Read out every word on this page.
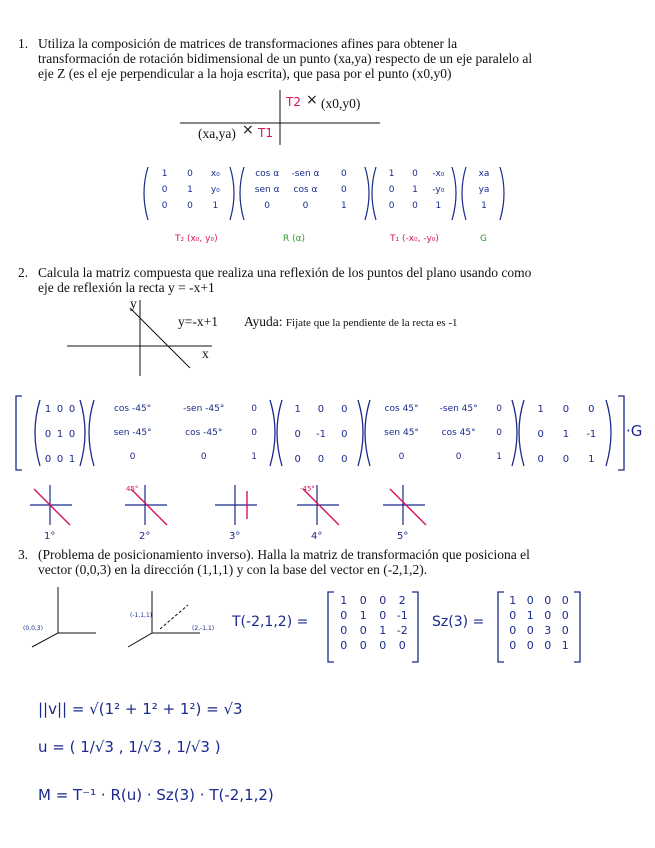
1. Utiliza la composición de matrices de transformaciones afines para obtener la
transformación de rotación bidimensional de un punto (xa,ya) respecto de un eje paralelo al
eje Z (es el eje perpendicular a la hoja escrita), que pasa por el punto (x0,y0)
T2 × (x0,y0)
(xa,ya) × T1
1	0	x₀
0	1	y₀
0	0	1
cos α	-sen α	0
sen α	cos α	0
0	0	1
1	0	-x₀
0	1	-y₀
0	0	1
xa
ya
1
T₂ (x₀, y₀)	R (α)	T₁ (-x₀, -y₀)	G
2. Calcula la matriz compuesta que realiza una reflexión de los puntos del plano usando como
eje de reflexión la recta y = -x+1
y
x
y=-x+1 Ayuda: Fijate que la pendiente de la recta es -1
1 0 0
0 1 0
0 0 1
cos -45°	-sen -45°	0
sen -45°	cos -45°	0
0	0	1
1	0	0
0	-1	0
0	0	0
cos 45°	-sen 45°	0
sen 45°	cos 45°	0
0	0	1
1	0	0
0	1	-1
0	0	1
·G
45°	-45°
1°	2°	3°	4°	5°
3. (Problema de posicionamiento inverso). Halla la matriz de transformación que posiciona el
vector (0,0,3) en la dirección (1,1,1) y con la base del vector en (-2,1,2).
(0,0,3)
(-1,1,1)
(2,-1,1) T(-2,1,2) =
1	0	0	2
0	1	0 -1
0	0	1 -2
0	0	0	0
Sz(3) =
1 0 0 0
0 1 0 0
0 0 3 0
0 0 0 1
||v|| = √(1² + 1² + 1²) = √3
u = ( 1/√3 , 1/√3 , 1/√3 )
M = T⁻¹ · R(u) · Sz(3) · T(-2,1,2)
